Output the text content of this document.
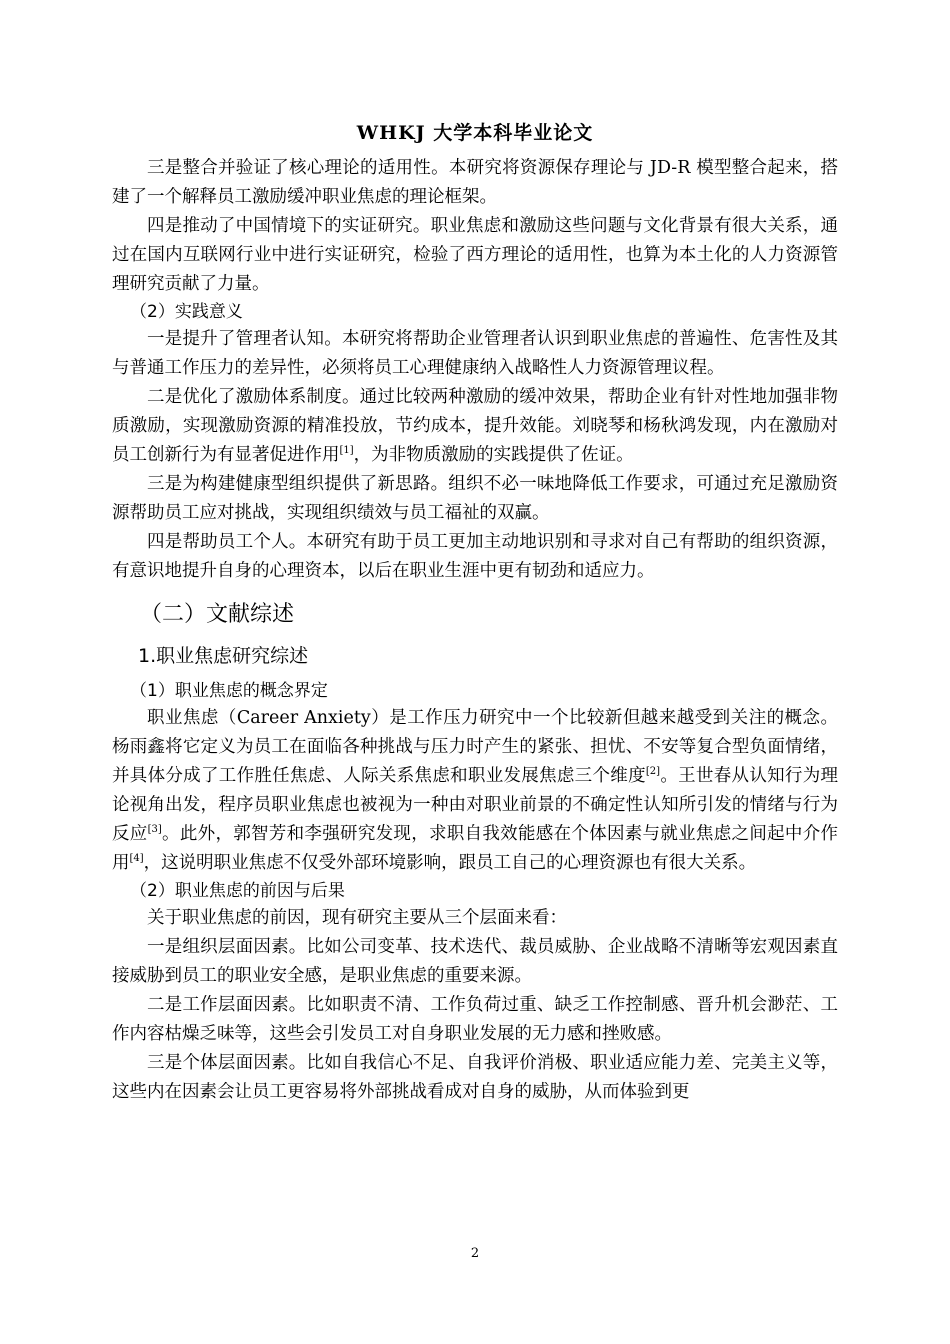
WHKJ 大学本科毕业论文

三是整合并验证了核心理论的适用性。本研究将资源保存理论与 JD-R 模型整合起来，搭建了一个解释员工激励缓冲职业焦虑的理论框架。

四是推动了中国情境下的实证研究。职业焦虑和激励这些问题与文化背景有很大关系，通过在国内互联网行业中进行实证研究，检验了西方理论的适用性，也算为本土化的人力资源管理研究贡献了力量。

（2）实践意义

一是提升了管理者认知。本研究将帮助企业管理者认识到职业焦虑的普遍性、危害性及其与普通工作压力的差异性，必须将员工心理健康纳入战略性人力资源管理议程。

二是优化了激励体系制度。通过比较两种激励的缓冲效果，帮助企业有针对性地加强非物质激励，实现激励资源的精准投放，节约成本，提升效能。刘晓琴和杨秋鸿发现，内在激励对员工创新行为有显著促进作用[1]，为非物质激励的实践提供了佐证。

三是为构建健康型组织提供了新思路。组织不必一味地降低工作要求，可通过充足激励资源帮助员工应对挑战，实现组织绩效与员工福祉的双赢。

四是帮助员工个人。本研究有助于员工更加主动地识别和寻求对自己有帮助的组织资源，有意识地提升自身的心理资本，以后在职业生涯中更有韧劲和适应力。

（二）文献综述
1.职业焦虑研究综述
（1）职业焦虑的概念界定

职业焦虑（Career Anxiety）是工作压力研究中一个比较新但越来越受到关注的概念。杨雨鑫将它定义为员工在面临各种挑战与压力时产生的紧张、担忧、不安等复合型负面情绪，并具体分成了工作胜任焦虑、人际关系焦虑和职业发展焦虑三个维度[2]。王世春从认知行为理论视角出发，程序员职业焦虑也被视为一种由对职业前景的不确定性认知所引发的情绪与行为反应[3]。此外，郭智芳和李强研究发现，求职自我效能感在个体因素与就业焦虑之间起中介作用[4]，这说明职业焦虑不仅受外部环境影响，跟员工自己的心理资源也有很大关系。

（2）职业焦虑的前因与后果

关于职业焦虑的前因，现有研究主要从三个层面来看：

一是组织层面因素。比如公司变革、技术迭代、裁员威胁、企业战略不清晰等宏观因素直接威胁到员工的职业安全感，是职业焦虑的重要来源。

二是工作层面因素。比如职责不清、工作负荷过重、缺乏工作控制感、晋升机会渺茫、工作内容枯燥乏味等，这些会引发员工对自身职业发展的无力感和挫败感。

三是个体层面因素。比如自我信心不足、自我评价消极、职业适应能力差、完美主义等，这些内在因素会让员工更容易将外部挑战看成对自身的威胁，从而体验到更

2
